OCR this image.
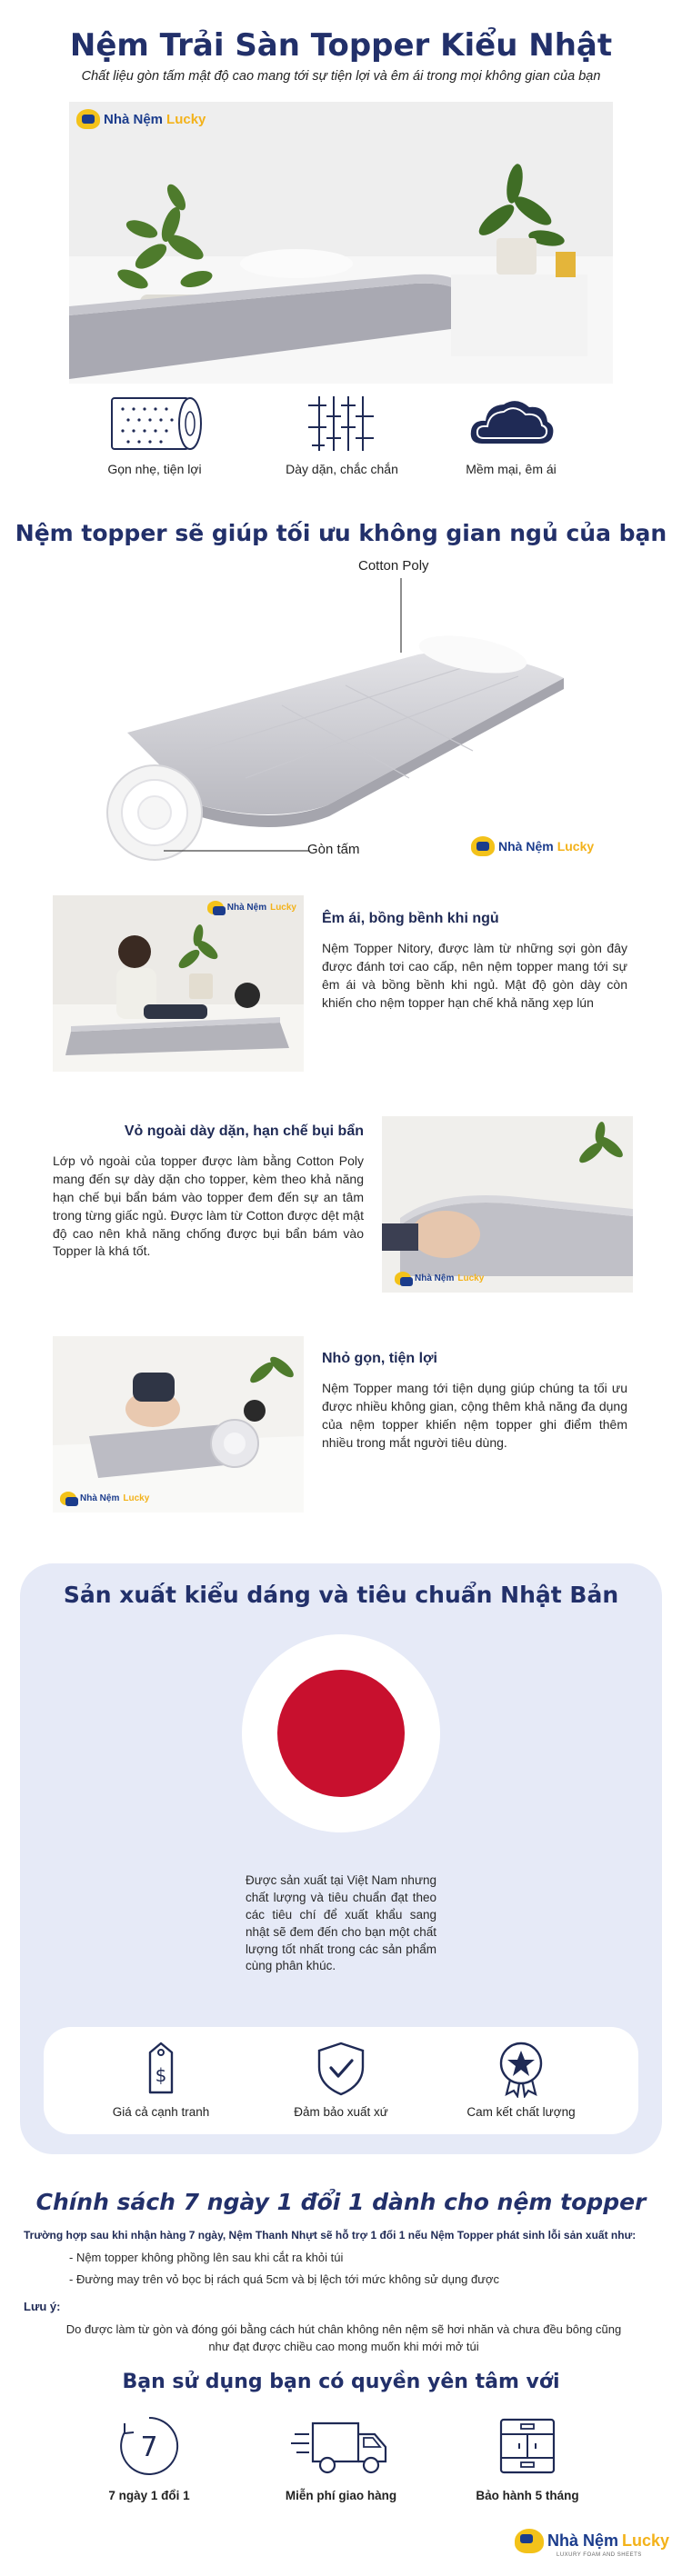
Nệm Trải Sàn Topper Kiểu Nhật
Chất liệu gòn tấm mật độ cao mang tới sự tiện lợi và êm ái trong mọi không gian của bạn
Nhà Nệm Lucky
Gọn nhẹ, tiện lợi	Dày dặn, chắc chắn	Mềm mại, êm ái
Nệm topper sẽ giúp tối ưu không gian ngủ của bạn
Cotton Poly
Gòn tấm	Nhà Nệm Lucky
Nhà Nệm Lucky
Êm ái, bồng bềnh khi ngủ
Nệm Topper Nitory, được làm từ những sợi gòn đây được đánh tơi cao cấp, nên nệm topper mang tới sự êm ái và bồng bềnh khi ngủ. Mật độ gòn dày còn khiến cho nệm topper hạn chế khả năng xẹp lún
Vỏ ngoài dày dặn, hạn chế bụi bẩn
Lớp vỏ ngoài của topper được làm bằng Cotton Poly mang đến sự dày dặn cho topper, kèm theo khả năng hạn chế bụi bẩn bám vào topper đem đến sự an tâm trong từng giấc ngủ. Được làm từ Cotton được dệt mật độ cao nên khả năng chống được bụi bẩn bám vào Topper là khá tốt.
Nhà Nệm Lucky
Nhà Nệm Lucky
Nhỏ gọn, tiện lợi
Nệm Topper mang tới tiện dụng giúp chúng ta tối ưu được nhiều không gian, cộng thêm khả năng đa dụng của nệm topper khiến nệm topper ghi điểm thêm nhiều trong mắt người tiêu dùng.
Sản xuất kiểu dáng và tiêu chuẩn Nhật Bản
Được sản xuất tại Việt Nam nhưng chất lượng và tiêu chuẩn đạt theo các tiêu chí để xuất khẩu sang nhật sẽ đem đến cho bạn một chất lượng tốt nhất trong các sản phẩm cùng phân khúc.
$
Giá cả cạnh tranh	Đảm bảo xuất xứ	Cam kết chất lượng
Chính sách 7 ngày 1 đổi 1 dành cho nệm topper
Trường hợp sau khi nhận hàng 7 ngày, Nệm Thanh Nhựt sẽ hỗ trợ 1 đổi 1 nếu Nệm Topper phát sinh lỗi sản xuất như:
- Nệm topper không phồng lên sau khi cắt ra khỏi túi
- Đường may trên vỏ bọc bị rách quá 5cm và bị lệch tới mức không sử dụng được
Lưu ý:
Do được làm từ gòn và đóng gói bằng cách hút chân không nên nệm sẽ hơi nhăn và chưa đều bông cũng như đạt được chiều cao mong muốn khi mới mở túi
Bạn sử dụng bạn có quyền yên tâm với
7
7 ngày 1 đổi 1	Miễn phí giao hàng	Bảo hành 5 tháng
Nhà Nệm Lucky
LUXURY FOAM AND SHEETS
